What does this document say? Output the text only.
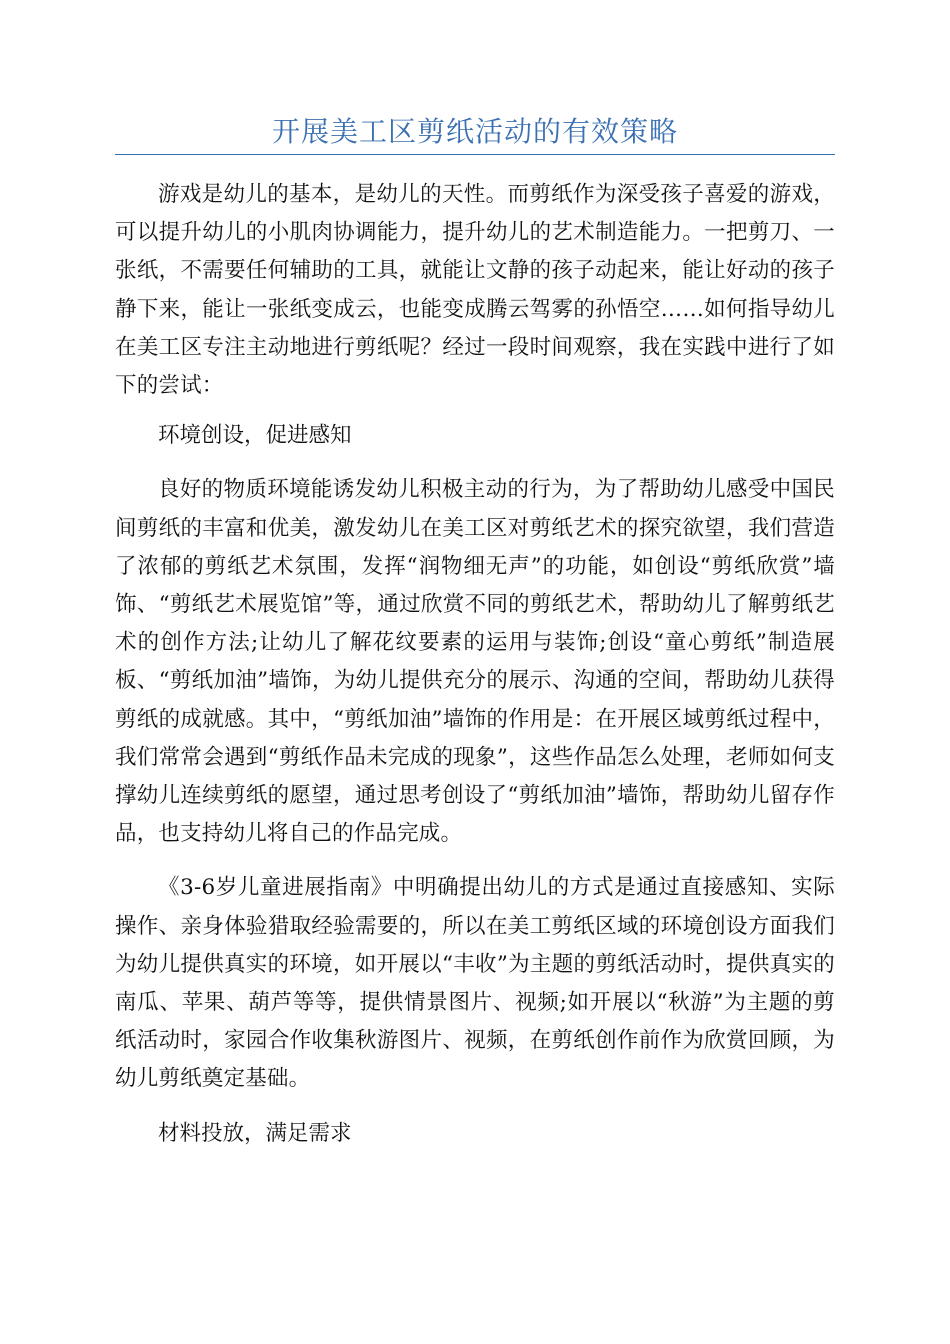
开展美工区剪纸活动的有效策略

游戏是幼儿的基本，是幼儿的天性。而剪纸作为深受孩子喜爱的游戏，可以提升幼儿的小肌肉协调能力，提升幼儿的艺术制造能力。一把剪刀、一张纸，不需要任何辅助的工具，就能让文静的孩子动起来，能让好动的孩子静下来，能让一张纸变成云，也能变成腾云驾雾的孙悟空……如何指导幼儿在美工区专注主动地进行剪纸呢？经过一段时间观察，我在实践中进行了如下的尝试：

环境创设，促进感知

良好的物质环境能诱发幼儿积极主动的行为，为了帮助幼儿感受中国民间剪纸的丰富和优美，激发幼儿在美工区对剪纸艺术的探究欲望，我们营造了浓郁的剪纸艺术氛围，发挥“润物细无声”的功能，如创设“剪纸欣赏”墙饰、“剪纸艺术展览馆”等，通过欣赏不同的剪纸艺术，帮助幼儿了解剪纸艺术的创作方法;让幼儿了解花纹要素的运用与装饰;创设“童心剪纸”制造展板、“剪纸加油”墙饰，为幼儿提供充分的展示、沟通的空间，帮助幼儿获得剪纸的成就感。其中，“剪纸加油”墙饰的作用是：在开展区域剪纸过程中，我们常常会遇到“剪纸作品未完成的现象”，这些作品怎么处理，老师如何支撑幼儿连续剪纸的愿望，通过思考创设了“剪纸加油”墙饰，帮助幼儿留存作品，也支持幼儿将自己的作品完成。

《3-6岁儿童进展指南》中明确提出幼儿的方式是通过直接感知、实际操作、亲身体验猎取经验需要的，所以在美工剪纸区域的环境创设方面我们为幼儿提供真实的环境，如开展以“丰收”为主题的剪纸活动时，提供真实的南瓜、苹果、葫芦等等，提供情景图片、视频;如开展以“秋游”为主题的剪纸活动时，家园合作收集秋游图片、视频，在剪纸创作前作为欣赏回顾，为幼儿剪纸奠定基础。

材料投放，满足需求
